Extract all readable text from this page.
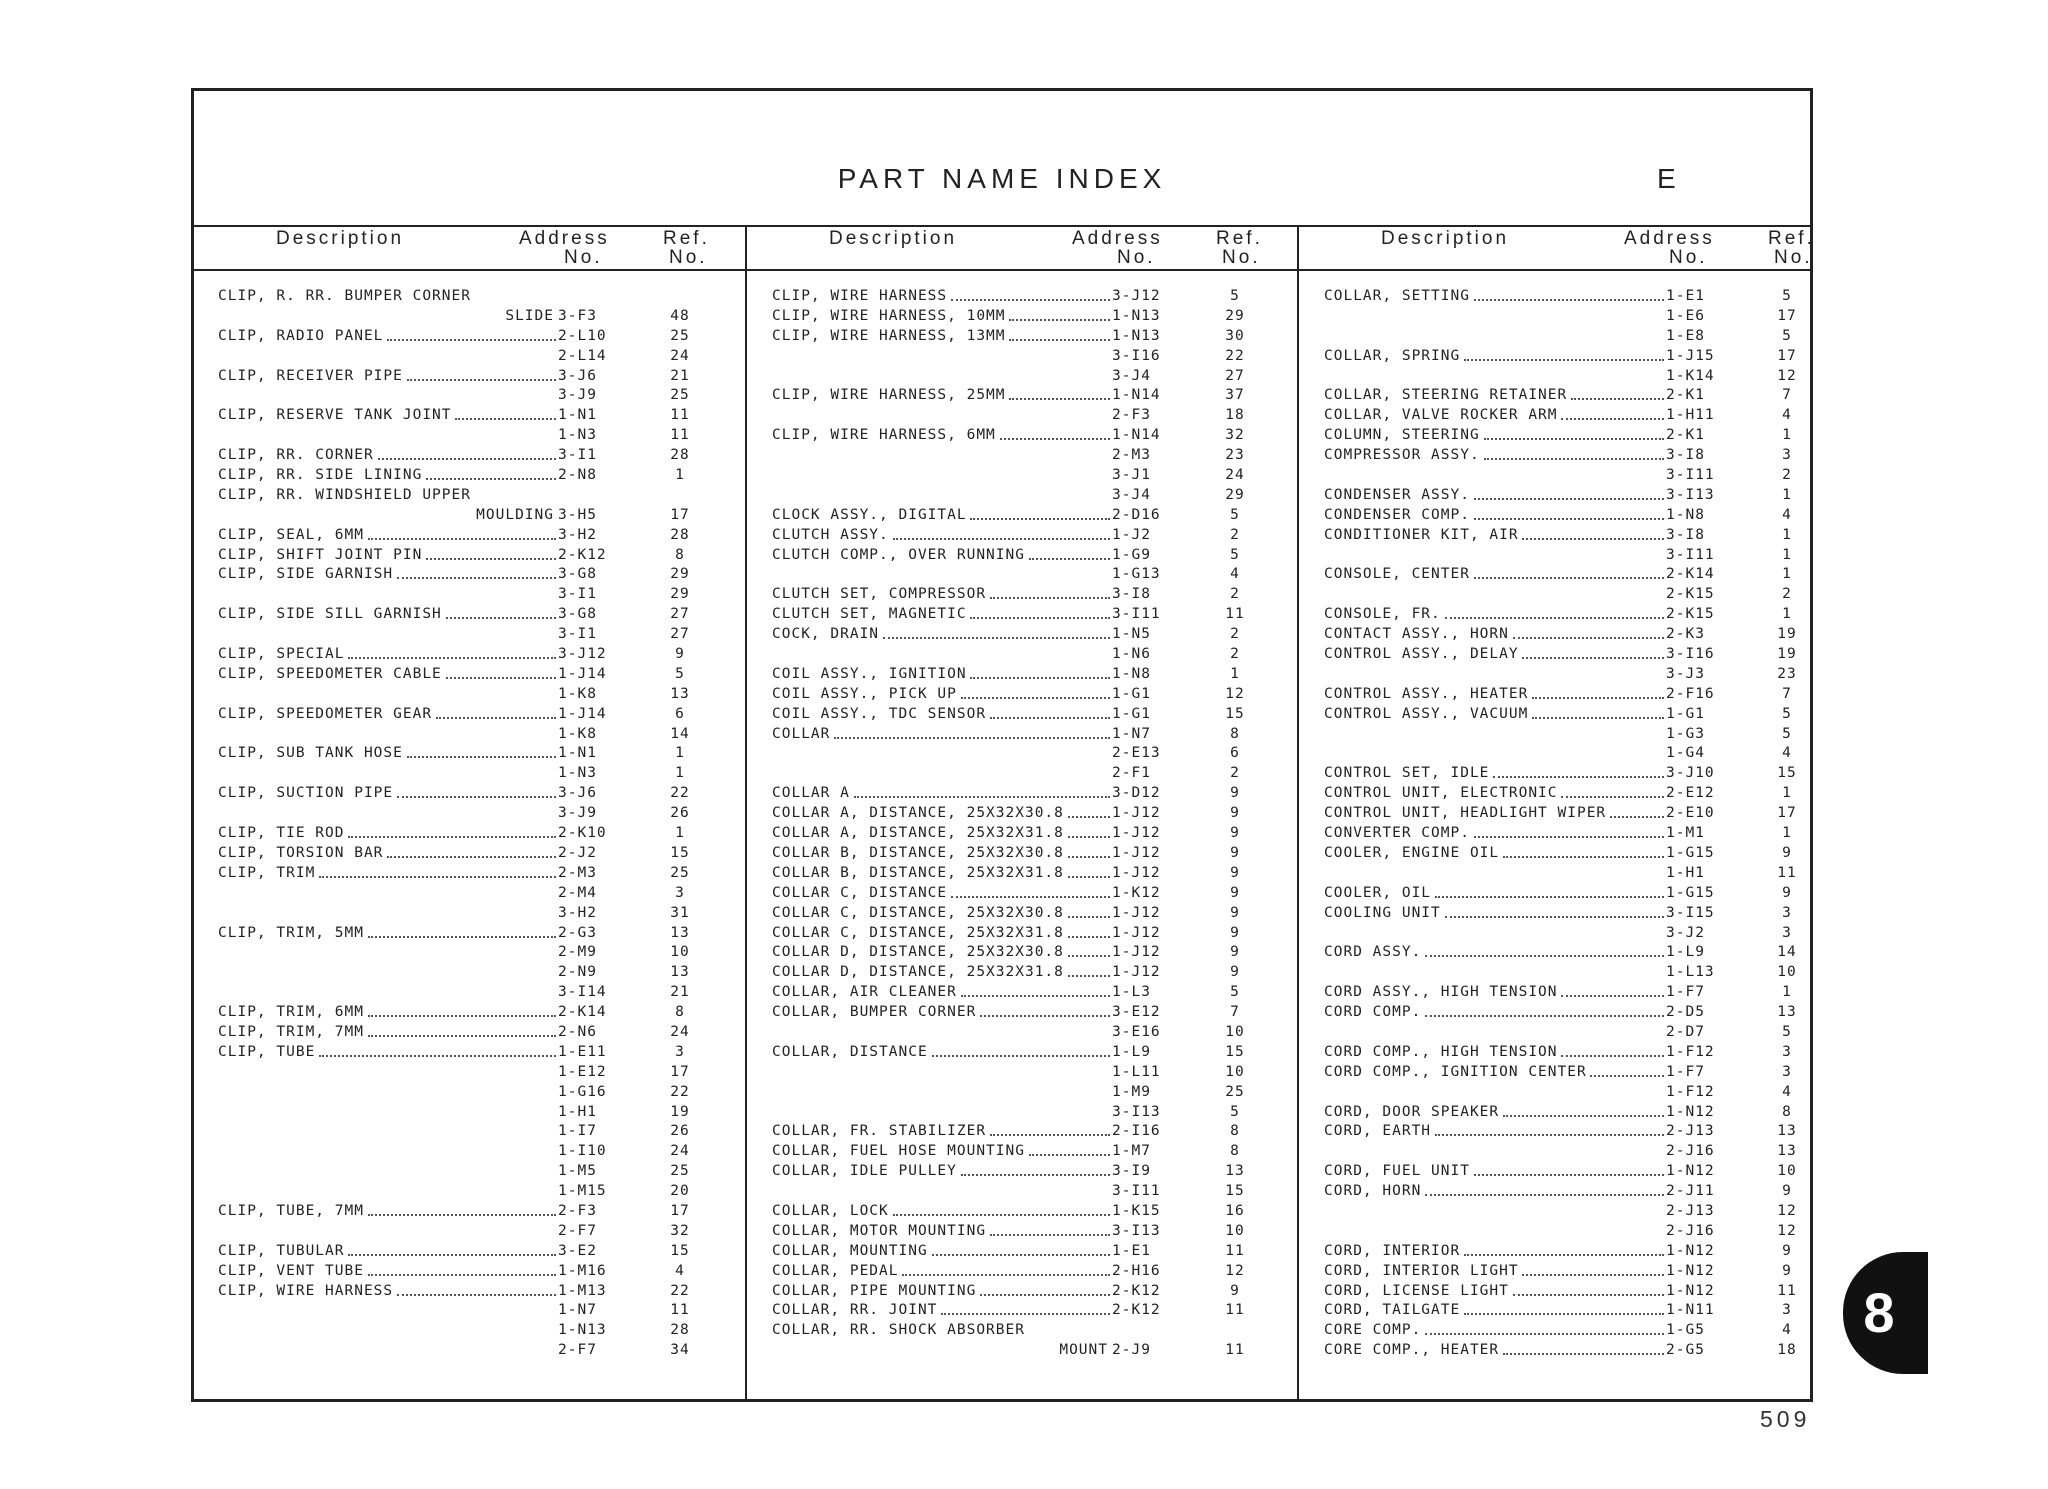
PART NAME INDEX	E
Description	Address
No.
Ref.
No.
Description	Address
No.
Ref.
No.
Description	Address
No.
Ref.
No.
CLIP, R. RR. BUMPER CORNER
SLIDE 3-F3	48
CLIP, RADIO PANEL	2-L10	25
2-L14	24
CLIP, RECEIVER PIPE	3-J6	21
3-J9	25
CLIP, RESERVE TANK JOINT	1-N1	11
1-N3	11
CLIP, RR. CORNER	3-I1	28
CLIP, RR. SIDE LINING	2-N8	1
CLIP, RR. WINDSHIELD UPPER
MOULDING 3-H5	17
CLIP, SEAL, 6MM	3-H2	28
CLIP, SHIFT JOINT PIN	2-K12	8
CLIP, SIDE GARNISH	3-G8	29
3-I1	29
CLIP, SIDE SILL GARNISH	3-G8	27
3-I1	27
CLIP, SPECIAL	3-J12	9
CLIP, SPEEDOMETER CABLE	1-J14	5
1-K8	13
CLIP, SPEEDOMETER GEAR	1-J14	6
1-K8	14
CLIP, SUB TANK HOSE	1-N1	1
1-N3	1
CLIP, SUCTION PIPE	3-J6	22
3-J9	26
CLIP, TIE ROD	2-K10	1
CLIP, TORSION BAR	2-J2	15
CLIP, TRIM	2-M3	25
2-M4	3
3-H2	31
CLIP, TRIM, 5MM	2-G3	13
2-M9	10
2-N9	13
3-I14	21
CLIP, TRIM, 6MM	2-K14	8
CLIP, TRIM, 7MM	2-N6	24
CLIP, TUBE	1-E11	3
1-E12	17
1-G16	22
1-H1	19
1-I7	26
1-I10	24
1-M5	25
1-M15	20
CLIP, TUBE, 7MM	2-F3	17
2-F7	32
CLIP, TUBULAR	3-E2	15
CLIP, VENT TUBE	1-M16	4
CLIP, WIRE HARNESS	1-M13	22
1-N7	11
1-N13	28
2-F7	34
CLIP, WIRE HARNESS	3-J12	5
CLIP, WIRE HARNESS, 10MM	1-N13	29
CLIP, WIRE HARNESS, 13MM	1-N13	30
3-I16	22
3-J4	27
CLIP, WIRE HARNESS, 25MM	1-N14	37
2-F3	18
CLIP, WIRE HARNESS, 6MM	1-N14	32
2-M3	23
3-J1	24
3-J4	29
CLOCK ASSY., DIGITAL	2-D16	5
CLUTCH ASSY.	1-J2	2
CLUTCH COMP., OVER RUNNING	1-G9	5
1-G13	4
CLUTCH SET, COMPRESSOR	3-I8	2
CLUTCH SET, MAGNETIC	3-I11	11
COCK, DRAIN	1-N5	2
1-N6	2
COIL ASSY., IGNITION	1-N8	1
COIL ASSY., PICK UP	1-G1	12
COIL ASSY., TDC SENSOR	1-G1	15
COLLAR	1-N7	8
2-E13	6
2-F1	2
COLLAR A	3-D12	9
COLLAR A, DISTANCE, 25X32X30.8	1-J12	9
COLLAR A, DISTANCE, 25X32X31.8	1-J12	9
COLLAR B, DISTANCE, 25X32X30.8	1-J12	9
COLLAR B, DISTANCE, 25X32X31.8	1-J12	9
COLLAR C, DISTANCE	1-K12	9
COLLAR C, DISTANCE, 25X32X30.8	1-J12	9
COLLAR C, DISTANCE, 25X32X31.8	1-J12	9
COLLAR D, DISTANCE, 25X32X30.8	1-J12	9
COLLAR D, DISTANCE, 25X32X31.8	1-J12	9
COLLAR, AIR CLEANER	1-L3	5
COLLAR, BUMPER CORNER	3-E12	7
3-E16	10
COLLAR, DISTANCE	1-L9	15
1-L11	10
1-M9	25
3-I13	5
COLLAR, FR. STABILIZER	2-I16	8
COLLAR, FUEL HOSE MOUNTING	1-M7	8
COLLAR, IDLE PULLEY	3-I9	13
3-I11	15
COLLAR, LOCK	1-K15	16
COLLAR, MOTOR MOUNTING	3-I13	10
COLLAR, MOUNTING	1-E1	11
COLLAR, PEDAL	2-H16	12
COLLAR, PIPE MOUNTING	2-K12	9
COLLAR, RR. JOINT	2-K12	11
COLLAR, RR. SHOCK ABSORBER
MOUNT 2-J9	11
COLLAR, SETTING	1-E1	5
1-E6	17
1-E8	5
COLLAR, SPRING	1-J15	17
1-K14	12
COLLAR, STEERING RETAINER	2-K1	7
COLLAR, VALVE ROCKER ARM	1-H11	4
COLUMN, STEERING	2-K1	1
COMPRESSOR ASSY.	3-I8	3
3-I11	2
CONDENSER ASSY.	3-I13	1
CONDENSER COMP.	1-N8	4
CONDITIONER KIT, AIR	3-I8	1
3-I11	1
CONSOLE, CENTER	2-K14	1
2-K15	2
CONSOLE, FR.	2-K15	1
CONTACT ASSY., HORN	2-K3	19
CONTROL ASSY., DELAY	3-I16	19
3-J3	23
CONTROL ASSY., HEATER	2-F16	7
CONTROL ASSY., VACUUM	1-G1	5
1-G3	5
1-G4	4
CONTROL SET, IDLE	3-J10	15
CONTROL UNIT, ELECTRONIC	2-E12	1
CONTROL UNIT, HEADLIGHT WIPER	2-E10	17
CONVERTER COMP.	1-M1	1
COOLER, ENGINE OIL	1-G15	9
1-H1	11
COOLER, OIL	1-G15	9
COOLING UNIT	3-I15	3
3-J2	3
CORD ASSY.	1-L9	14
1-L13	10
CORD ASSY., HIGH TENSION	1-F7	1
CORD COMP.	2-D5	13
2-D7	5
CORD COMP., HIGH TENSION	1-F12	3
CORD COMP., IGNITION CENTER	1-F7	3
1-F12	4
CORD, DOOR SPEAKER	1-N12	8
CORD, EARTH	2-J13	13
2-J16	13
CORD, FUEL UNIT	1-N12	10
CORD, HORN	2-J11	9
2-J13	12
2-J16	12
CORD, INTERIOR	1-N12	9
CORD, INTERIOR LIGHT	1-N12	9
CORD, LICENSE LIGHT	1-N12	11
CORD, TAILGATE	1-N11	3
CORE COMP.	1-G5	4
CORE COMP., HEATER	2-G5	18
509
8
